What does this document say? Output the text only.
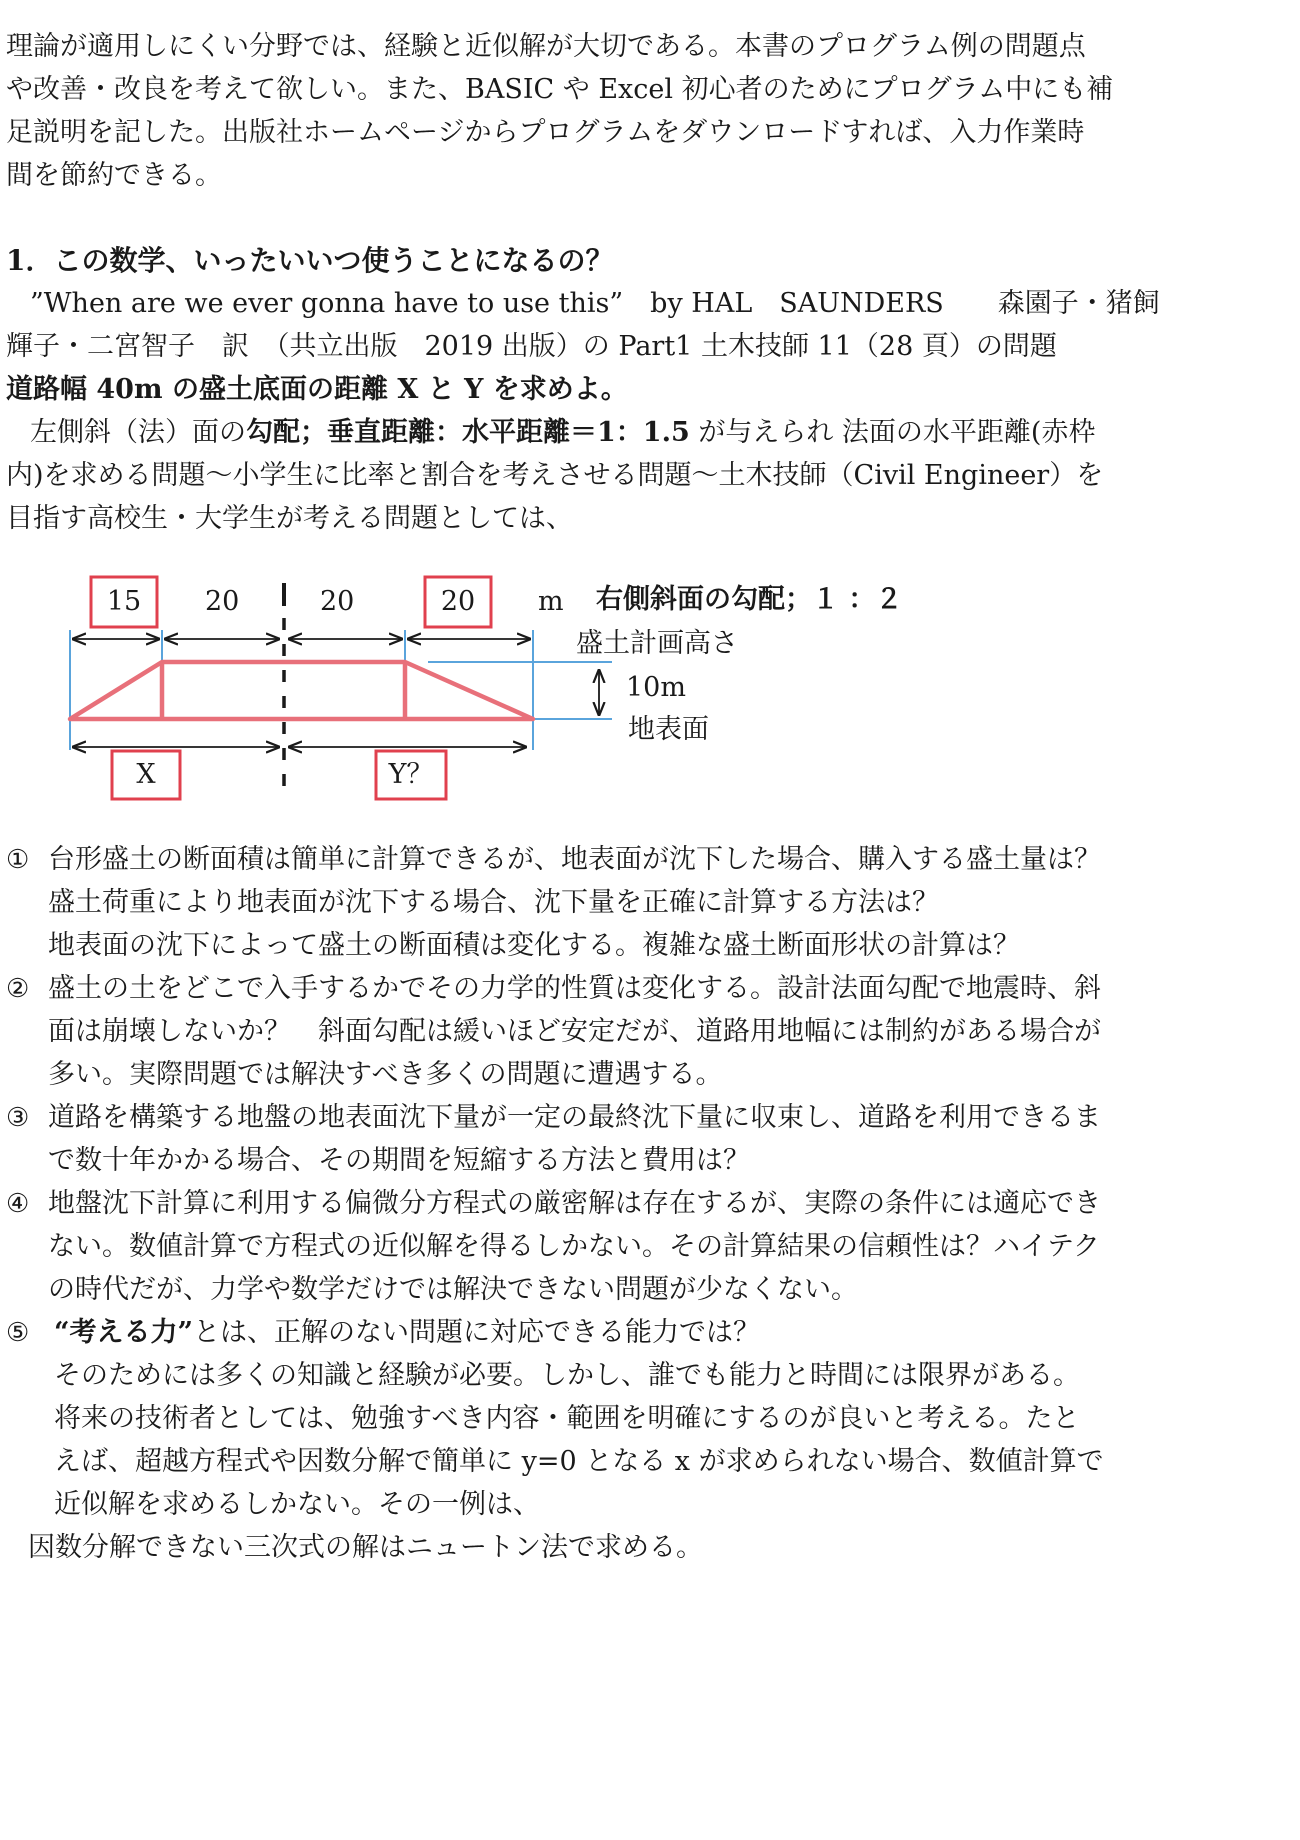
理論が適用しにくい分野では、経験と近似解が大切である。本書のプログラム例の問題点
や改善・改良を考えて欲しい。また、BASIC や Excel 初心者のためにプログラム中にも補
足説明を記した。出版社ホームページからプログラムをダウンロードすれば、入力作業時
間を節約できる。
1．この数学、いったいいつ使うことになるの？
”When are we ever gonna have to use this”　by HAL　SAUNDERS　　森園子・猪飼
輝子・二宮智子　訳　（共立出版　2019 出版）の Part1 土木技師 11（28 頁）の問題
道路幅 40m の盛土底面の距離 X と Y を求めよ。
左側斜（法）面の勾配；垂直距離：水平距離＝1：1.5 が与えられ 法面の水平距離(赤枠
内)を求める問題～小学生に比率と割合を考えさせる問題～土木技師（Civil Engineer）を
目指す高校生・大学生が考える問題としては、
15	20	20	20	m 右側斜面の勾配；１ ：２
盛土計画高さ
10m
地表面
X	Y？
① 台形盛土の断面積は簡単に計算できるが、地表面が沈下した場合、購入する盛土量は？
盛土荷重により地表面が沈下する場合、沈下量を正確に計算する方法は？
地表面の沈下によって盛土の断面積は変化する。複雑な盛土断面形状の計算は？
② 盛土の土をどこで入手するかでその力学的性質は変化する。設計法面勾配で地震時、斜
面は崩壊しないか？　斜面勾配は緩いほど安定だが、道路用地幅には制約がある場合が
多い。実際問題では解決すべき多くの問題に遭遇する。
③ 道路を構築する地盤の地表面沈下量が一定の最終沈下量に収束し、道路を利用できるま
で数十年かかる場合、その期間を短縮する方法と費用は？
④ 地盤沈下計算に利用する偏微分方程式の厳密解は存在するが、実際の条件には適応でき
ない。数値計算で方程式の近似解を得るしかない。その計算結果の信頼性は？ハイテク
の時代だが、力学や数学だけでは解決できない問題が少なくない。
⑤ “考える力”とは、正解のない問題に対応できる能力では？
そのためには多くの知識と経験が必要。しかし、誰でも能力と時間には限界がある。
将来の技術者としては、勉強すべき内容・範囲を明確にするのが良いと考える。たと
えば、超越方程式や因数分解で簡単に y=0 となる x が求められない場合、数値計算で
近似解を求めるしかない。その一例は、
因数分解できない三次式の解はニュートン法で求める。
